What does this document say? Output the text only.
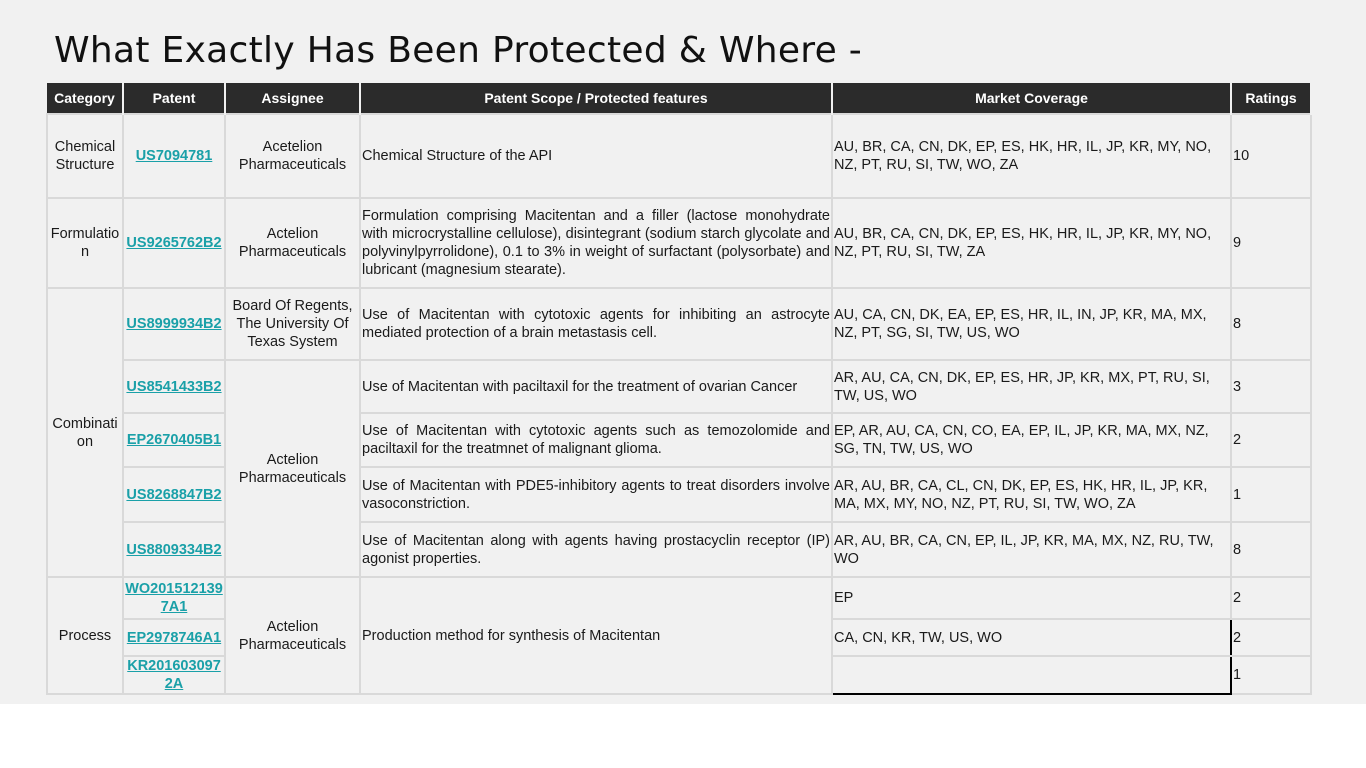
What Exactly Has Been Protected & Where -
Category	Patent	Assignee	Patent Scope / Protected features	Market Coverage	Ratings
Chemical Structure	US7094781	Acetelion Pharmaceuticals	Chemical Structure of the API	AU, BR, CA, CN, DK, EP, ES, HK, HR, IL, JP, KR, MY, NO, NZ, PT, RU, SI, TW, WO, ZA	10
Formulation	US9265762B2	Actelion Pharmaceuticals	Formulation comprising Macitentan and a filler (lactose monohydrate with microcrystalline cellulose), disintegrant (sodium starch glycolate and polyvinylpyrrolidone), 0.1 to 3% in weight of surfactant (polysorbate) and lubricant (magnesium stearate).	AU, BR, CA, CN, DK, EP, ES, HK, HR, IL, JP, KR, MY, NO, NZ, PT, RU, SI, TW, ZA	9
Combination	US8999934B2	Board Of Regents, The University Of Texas System	Use of Macitentan with cytotoxic agents for inhibiting an astrocyte mediated protection of a brain metastasis cell.	AU, CA, CN, DK, EA, EP, ES, HR, IL, IN, JP, KR, MA, MX, NZ, PT, SG, SI, TW, US, WO	8

	US8541433B2	Actelion Pharmaceuticals	Use of Macitentan with paciltaxil for the treatment of ovarian Cancer	AR, AU, CA, CN, DK, EP, ES, HR, JP, KR, MX, PT, RU, SI, TW, US, WO	3

	EP2670405B1		Use of Macitentan with cytotoxic agents such as temozolomide and paciltaxil for the treatmnet of malignant glioma.	EP, AR, AU, CA, CN, CO, EA, EP, IL, JP, KR, MA, MX, NZ, SG, TN, TW, US, WO	2

	US8268847B2		Use of Macitentan with PDE5-inhibitory agents to treat disorders involve vasoconstriction.	AR, AU, BR, CA, CL, CN, DK, EP, ES, HK, HR, IL, JP, KR, MA, MX, MY, NO, NZ, PT, RU, SI, TW, WO, ZA	1

	US8809334B2		Use of Macitentan along with agents having prostacyclin receptor (IP) agonist properties.	AR, AU, BR, CA, CN, EP, IL, JP, KR, MA, MX, NZ, RU, TW, WO	8
Process	WO2015121397A1	Actelion Pharmaceuticals	Production method for synthesis of Macitentan	EP	2

	EP2978746A1			CA, CN, KR, TW, US, WO	2

	KR201603097 2A				1
